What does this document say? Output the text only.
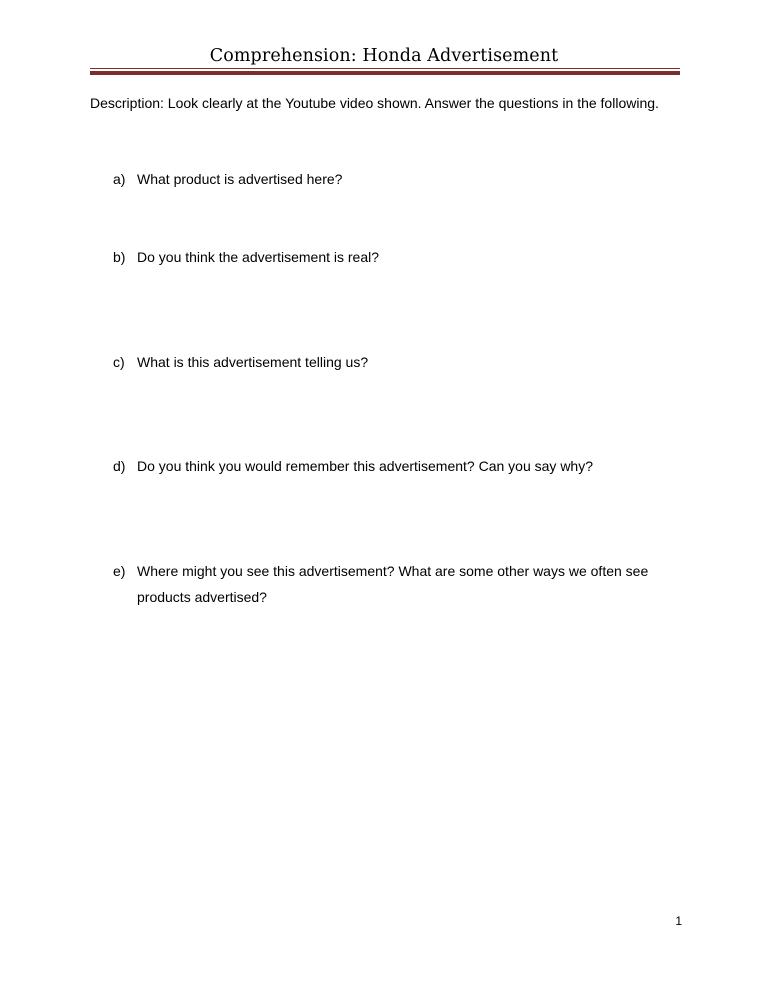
Comprehension: Honda Advertisement

Description: Look clearly at the Youtube video shown. Answer the questions in the following.

a) What product is advertised here?
b) Do you think the advertisement is real?
c) What is this advertisement telling us?
d) Do you think you would remember this advertisement? Can you say why?
e) Where might you see this advertisement? What are some other ways we often see products advertised?
1
